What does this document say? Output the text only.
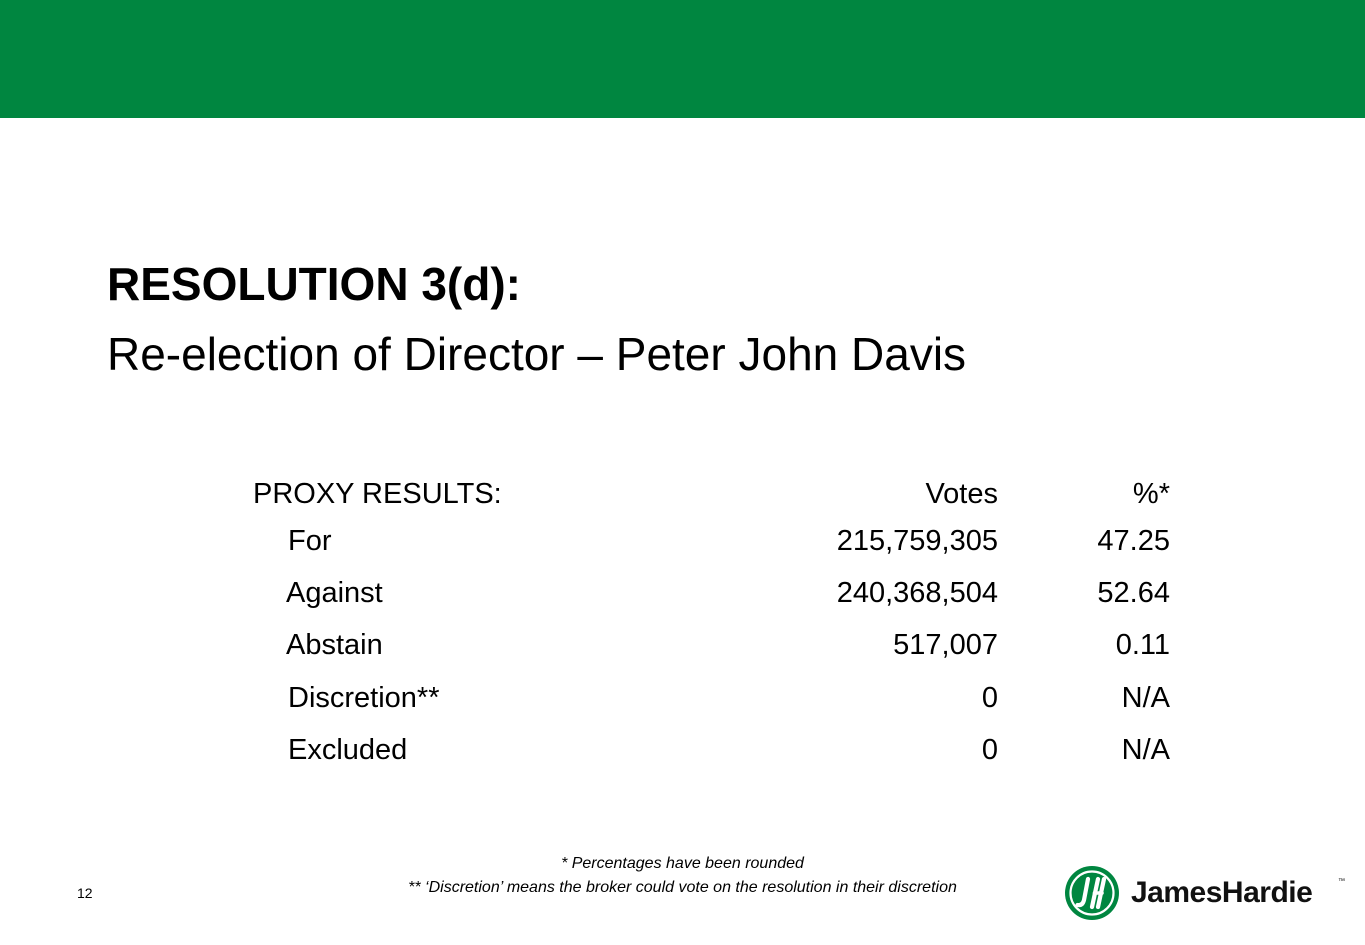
RESOLUTION 3(d):
Re-election of Director – Peter John Davis
PROXY RESULTS:	Votes	%*
For	215,759,305	47.25
Against	240,368,504	52.64
Abstain	517,007	0.11
Discretion**	0	N/A
Excluded	0	N/A
* Percentages have been rounded
** ‘Discretion’ means the broker could vote on the resolution in their discretion
12	JamesHardie	™
